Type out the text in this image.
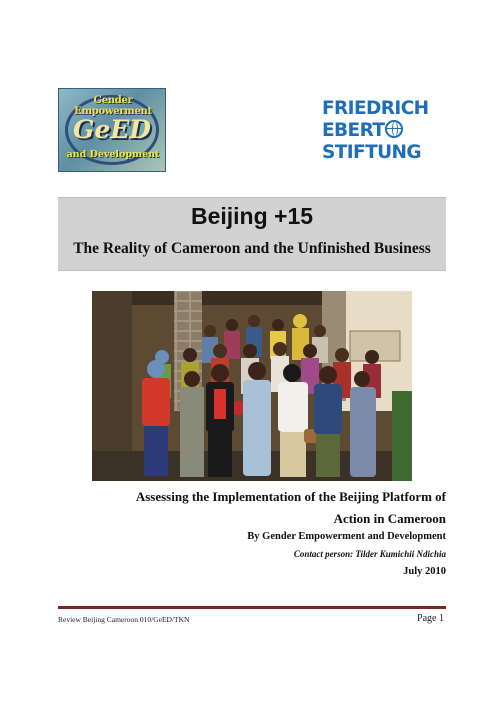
Gender Empowerment
GeED
and Development
FRIEDRICH
EBERT
STIFTUNG
Beijing +15
The Reality of Cameroon and the Unfinished Business
Assessing the Implementation of the Beijing Platform of
Action in Cameroon
By Gender Empowerment and Development
Contact person: Tilder Kumichii Ndichia
July 2010
Review Beijing Cameroon 010/GeED/TKN	Page 1
